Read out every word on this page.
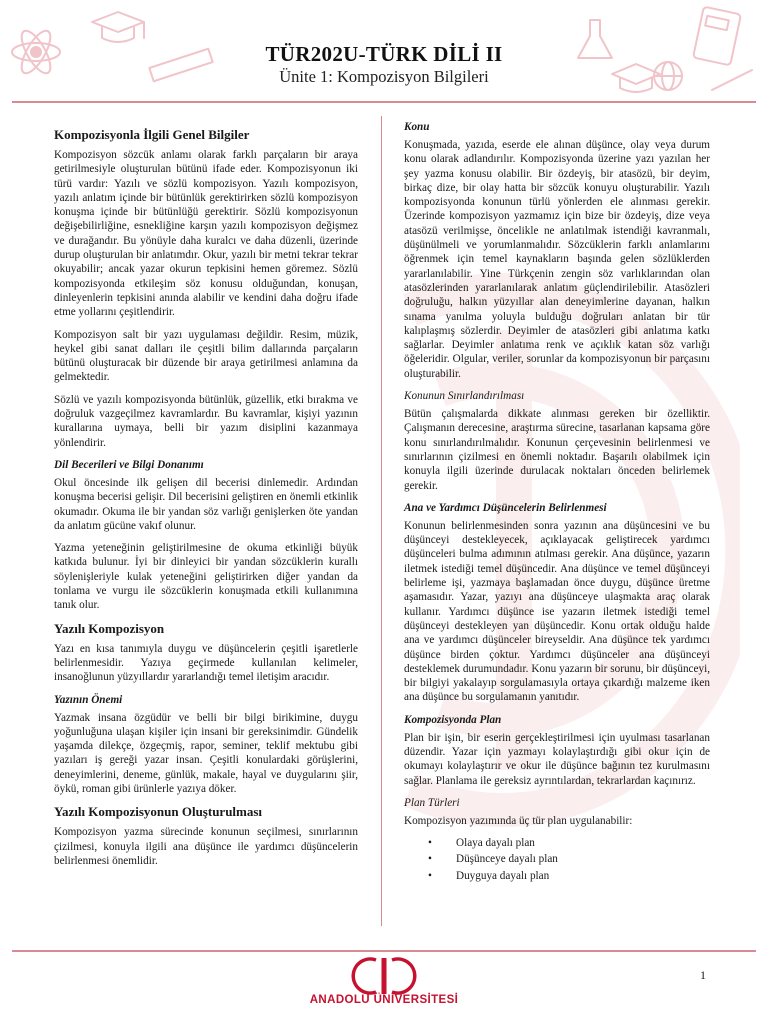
TÜR202U-TÜRK DİLİ II
Ünite 1: Kompozisyon Bilgileri
Kompozisyonla İlgili Genel Bilgiler

Kompozisyon sözcük anlamı olarak farklı parçaların bir araya getirilmesiyle oluşturulan bütünü ifade eder. Kompozisyonun iki türü vardır: Yazılı ve sözlü kompozisyon. Yazılı kompozisyon, yazılı anlatım içinde bir bütünlük gerektirirken sözlü kompozisyon konuşma içinde bir bütünlüğü gerektirir. Sözlü kompozisyonun değişebilirliğine, esnekliğine karşın yazılı kompozisyon değişmez ve durağandır. Bu yönüyle daha kuralcı ve daha düzenli, üzerinde durup oluşturulan bir anlatımdır. Okur, yazılı bir metni tekrar tekrar okuyabilir; ancak yazar okurun tepkisini hemen göremez. Sözlü kompozisyonda etkileşim söz konusu olduğundan, konuşan, dinleyenlerin tepkisini anında alabilir ve kendini daha doğru ifade etme yollarını çeşitlendirir.

Kompozisyon salt bir yazı uygulaması değildir. Resim, müzik, heykel gibi sanat dalları ile çeşitli bilim dallarında parçaların bütünü oluşturacak bir düzende bir araya getirilmesi anlamına da gelmektedir.

Sözlü ve yazılı kompozisyonda bütünlük, güzellik, etki bırakma ve doğruluk vazgeçilmez kavramlardır. Bu kavramlar, kişiyi yazının kurallarına uymaya, belli bir yazım disiplini kazanmaya yönlendirir.

Dil Becerileri ve Bilgi Donanımı

Okul öncesinde ilk gelişen dil becerisi dinlemedir. Ardından konuşma becerisi gelişir. Dil becerisini geliştiren en önemli etkinlik okumadır. Okuma ile bir yandan söz varlığı genişlerken öte yandan da anlatım gücüne vakıf olunur.

Yazma yeteneğinin geliştirilmesine de okuma etkinliği büyük katkıda bulunur. İyi bir dinleyici bir yandan sözcüklerin kurallı söylenişleriyle kulak yeteneğini geliştirirken diğer yandan da tonlama ve vurgu ile sözcüklerin konuşmada etkili kullanımına tanık olur.

Yazılı Kompozisyon

Yazı en kısa tanımıyla duygu ve düşüncelerin çeşitli işaretlerle belirlenmesidir. Yazıya geçirmede kullanılan kelimeler, insanoğlunun yüzyıllardır yararlandığı temel iletişim aracıdır.

Yazının Önemi

Yazmak insana özgüdür ve belli bir bilgi birikimine, duygu yoğunluğuna ulaşan kişiler için insani bir gereksinimdir. Gündelik yaşamda dilekçe, özgeçmiş, rapor, seminer, teklif mektubu gibi yazıları iş gereği yazar insan. Çeşitli konulardaki görüşlerini, deneyimlerini, deneme, günlük, makale, hayal ve duygularını şiir, öykü, roman gibi ürünlerle yazıya döker.

Yazılı Kompozisyonun Oluşturulması

Kompozisyon yazma sürecinde konunun seçilmesi, sınırlarının çizilmesi, konuyla ilgili ana düşünce ile yardımcı düşüncelerin belirlenmesi önemlidir.

Konu

Konuşmada, yazıda, eserde ele alınan düşünce, olay veya durum konu olarak adlandırılır. Kompozisyonda üzerine yazı yazılan her şey yazma konusu olabilir. Bir özdeyiş, bir atasözü, bir deyim, birkaç dize, bir olay hatta bir sözcük konuyu oluşturabilir. Yazılı kompozisyonda konunun türlü yönlerden ele alınması gerekir. Üzerinde kompozisyon yazmamız için bize bir özdeyiş, dize veya atasözü verilmişse, öncelikle ne anlatılmak istendiği kavranmalı, düşünülmeli ve yorumlanmalıdır. Sözcüklerin farklı anlamlarını öğrenmek için temel kaynakların başında gelen sözlüklerden yararlanılabilir. Yine Türkçenin zengin söz varlıklarından olan atasözlerinden yararlanılarak anlatım güçlendirilebilir. Atasözleri doğruluğu, halkın yüzyıllar alan deneyimlerine dayanan, halkın sınama yanılma yoluyla bulduğu doğruları anlatan bir tür kalıplaşmış sözlerdir. Deyimler de atasözleri gibi anlatıma katkı sağlarlar. Deyimler anlatıma renk ve açıklık katan söz varlığı öğeleridir. Olgular, veriler, sorunlar da kompozisyonun bir parçasını oluşturabilir.

Konunun Sınırlandırılması

Bütün çalışmalarda dikkate alınması gereken bir özelliktir. Çalışmanın derecesine, araştırma sürecine, tasarlanan kapsama göre konu sınırlandırılmalıdır. Konunun çerçevesinin belirlenmesi ve sınırlarının çizilmesi en önemli noktadır. Başarılı olabilmek için konuyla ilgili üzerinde durulacak noktaları önceden belirlemek gerekir.

Ana ve Yardımcı Düşüncelerin Belirlenmesi

Konunun belirlenmesinden sonra yazının ana düşüncesini ve bu düşünceyi destekleyecek, açıklayacak geliştirecek yardımcı düşünceleri bulma adımının atılması gerekir. Ana düşünce, yazarın iletmek istediği temel düşüncedir. Ana düşünce ve temel düşünceyi belirleme işi, yazmaya başlamadan önce duygu, düşünce üretme aşamasıdır. Yazar, yazıyı ana düşünceye ulaşmakta araç olarak kullanır. Yardımcı düşünce ise yazarın iletmek istediği temel düşünceyi destekleyen yan düşüncedir. Konu ortak olduğu halde ana ve yardımcı düşünceler bireyseldir. Ana düşünce tek yardımcı düşünce birden çoktur. Yardımcı düşünceler ana düşünceyi desteklemek durumundadır. Konu yazarın bir sorunu, bir düşünceyi, bir bilgiyi yakalayıp sorgulamasıyla ortaya çıkardığı malzeme iken ana düşünce bu sorgulamanın yanıtıdır.

Kompozisyonda Plan

Plan bir işin, bir eserin gerçekleştirilmesi için uyulması tasarlanan düzendir. Yazar için yazmayı kolaylaştırdığı gibi okur için de okumayı kolaylaştırır ve okur ile düşünce bağının tez kurulmasını sağlar. Planlama ile gereksiz ayrıntılardan, tekrarlardan kaçınırız.

Plan Türleri

Kompozisyon yazımında üç tür plan uygulanabilir:

• Olaya dayalı plan
• Düşünceye dayalı plan
• Duyguya dayalı plan
ANADOLU ÜNİVERSİTESİ
1
